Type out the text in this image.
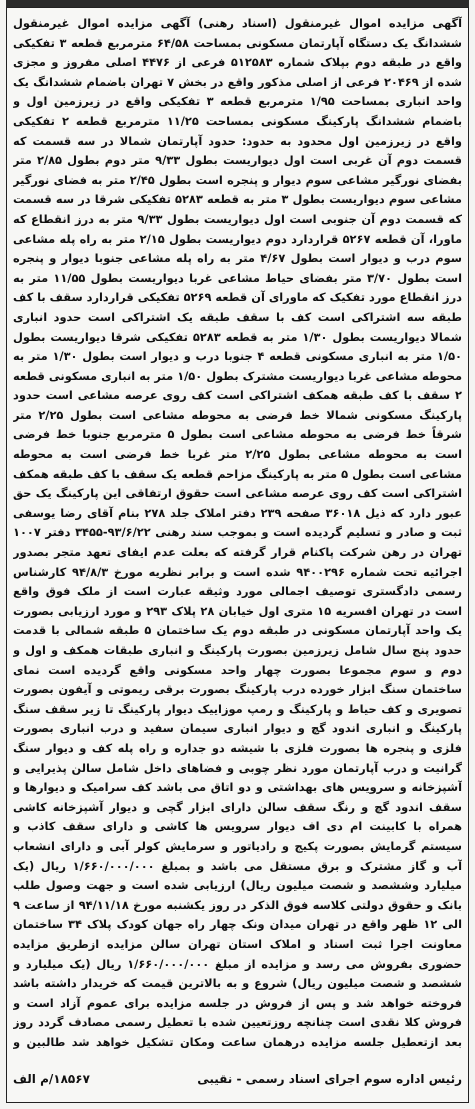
آگهی مزایده اموال غیرمنقول (اسناد رهنی) آگهی مزایده اموال غیرمنقول ششدانگ یک دستگاه آپارتمان مسکونی بمساحت ۶۴/۵۸ مترمربع قطعه ۳ تفکیکی واقع در طبقه دوم بپلاک شماره ۵۱۲۵۸۳ فرعی از ۴۴۷۶ اصلی مفروز و مجزی شده از ۲۰۴۶۹ فرعی از اصلی مذکور واقع در بخش ۷ تهران باضمام ششدانگ یک واحد انباری بمساحت ۱/۹۵ مترمربع قطعه ۳ تفکیکی واقع در زیرزمین اول و باضمام ششدانگ پارکینگ مسکونی بمساحت ۱۱/۲۵ مترمربع قطعه ۲ تفکیکی واقع در زیرزمین اول محدود به حدود: حدود آپارتمان شمالا در سه قسمت که قسمت دوم آن غربی است اول دیواریست بطول ۹/۳۳ متر دوم بطول ۲/۸۵ متر بفضای نورگیر مشاعی سوم دیوار و پنجره است بطول ۲/۴۵ متر به فضای نورگیر مشاعی سوم دیواریست بطول ۳ متر به قطعه ۵۲۸۳ تفکیکی شرقا در سه قسمت که قسمت دوم آن جنوبی است اول دیواریست بطول ۹/۳۳ متر به درز انقطاع که ماورا، آن قطعه ۵۲۶۷ قراردارد دوم دیواریست بطول ۲/۱۵ متر به راه پله مشاعی سوم درب و دیوار است بطول ۴/۶۷ متر به راه پله مشاعی جنوبا دیوار و پنجره است بطول ۳/۷۰ متر بفضای حیاط مشاعی غربا دیواریست بطول ۱۱/۵۵ متر به درز انقطاع مورد تفکیک که ماورای آن قطعه ۵۲۶۹ تفکیکی قراردارد سقف با کف طبقه سه اشتراکی است کف با سقف طبقه یک اشتراکی است حدود انباری شمالا دیواریست بطول ۱/۳۰ متر به قطعه ۵۲۸۳ تفکیکی شرقا دیواریست بطول ۱/۵۰ متر به انباری مسکونی قطعه ۴ جنوبا درب و دیوار است بطول ۱/۳۰ متر به محوطه مشاعی غربا دیواریست مشترک بطول ۱/۵۰ متر به انباری مسکونی قطعه ۲ سقف با کف طبقه همکف اشتراکی است کف روی عرصه مشاعی است حدود پارکینگ مسکونی شمالا خط فرضی به محوطه مشاعی است بطول ۲/۲۵ متر شرقاً خط فرضی به محوطه مشاعی است بطول ۵ مترمربع جنوبا خط فرضی است به محوطه مشاعی بطول ۲/۲۵ متر غربا خط فرضی است به محوطه مشاعی است بطول ۵ متر به پارکینگ مزاحم قطعه یک سقف با کف طبقه همکف اشتراکی است کف روی عرصه مشاعی است حقوق ارتفاقی این پارکینگ یک حق عبور دارد که ذیل ۳۶۰۱۸ صفحه ۲۳۹ دفتر املاک جلد ۲۷۸ بنام آقای رضا یوسفی ثبت و صادر و تسلیم گردیده است و بموجب سند رهنی ۹۳/۶/۲۲-۳۴۵۵ دفتر ۱۰۰۷ تهران در رهن شرکت پاکنام قرار گرفته که بعلت عدم ایفای تعهد متجر بصدور اجرائیه تحت شماره ۹۴۰۰۲۹۶ شده است و برابر نظریه مورخ ۹۴/۸/۳ کارشناس رسمی دادگستری توصیف اجمالی مورد وثیقه عبارت است از ملک فوق واقع است در تهران افسریه ۱۵ متری اول خیابان ۲۸ پلاک ۲۹۳ و مورد ارزیابی بصورت یک واحد آپارتمان مسکونی در طبقه دوم یک ساختمان ۵ طبقه شمالی با قدمت حدود پنج سال شامل زیرزمین بصورت پارکینگ و انباری طبقات همکف و اول و دوم و سوم مجموعا بصورت چهار واحد مسکونی واقع گردیده است نمای ساختمان سنگ ابزار خورده درب پارکینگ بصورت برقی ریموتی و آیفون بصورت تصویری و کف حیاط و پارکینگ و رمپ موزاییک دیوار پارکینگ تا زیر سقف سنگ پارکینگ و انباری اندود گچ و دیوار انباری سیمان سفید و درب انباری بصورت فلزی و پنجره ها بصورت فلزی با شیشه دو جداره و راه پله کف و دیوار سنگ گرانیت و درب آپارتمان مورد نظر چوبی و فضاهای داخل شامل سالن پذیرایی و آشپزخانه و سرویس های بهداشتی و دو اتاق می باشد کف سرامیک و دیوارها و سقف اندود گچ و رنگ سقف سالن دارای ابزار گچی و دیوار آشپزخانه کاشی همراه با کابینت ام دی اف دیوار سرویس ها کاشی و دارای سقف کاذب و سیستم گرمایش بصورت پکیج و رادیاتور و سرمایش کولر آبی و دارای انشعاب آب و گاز مشترک و برق مستقل می باشد و بمبلغ ۱/۶۶۰/۰۰۰/۰۰۰ ریال (یک میلیارد وششصد و شصت میلیون ریال) ارزیابی شده است و جهت وصول طلب بانک و حقوق دولتی کلاسه فوق الذکر در روز یکشنبه مورخ ۹۴/۱۱/۱۸ از ساعت ۹ الی ۱۲ ظهر واقع در تهران میدان ونک چهار راه جهان کودک پلاک ۳۴ ساختمان معاونت اجرا ثبت اسناد و املاک استان تهران سالن مزایده ازطریق مزایده حضوری بفروش می رسد و مزایده از مبلغ ۱/۶۶۰/۰۰۰/۰۰۰ ریال (یک میلیارد و ششصد و شصت میلیون ریال) شروع و به بالاترین قیمت که خریدار داشته باشد فروخته خواهد شد و پس از فروش در جلسه مزایده برای عموم آزاد است و فروش کلا نقدی است چنانچه روزتعیین شده با تعطیل رسمی مصادف گردد روز بعد ازتعطیل جلسه مزایده درهمان ساعت ومکان تشکیل خواهد شد طالبین و
رئیس اداره سوم اجرای اسناد رسمی - نقیبی
۱۸۵۶۷/م الف
